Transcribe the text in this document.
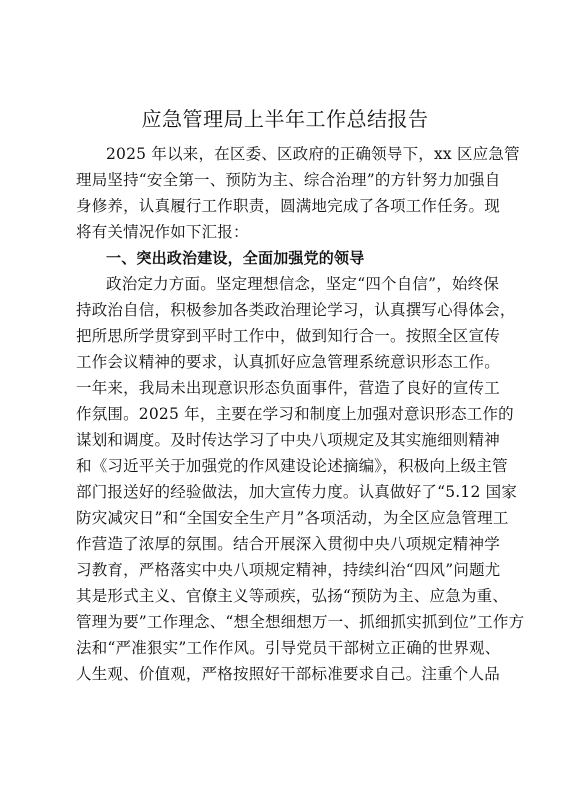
应急管理局上半年工作总结报告
2025 年以来，在区委、区政府的正确领导下，xx 区应急管
理局坚持“安全第一、预防为主、综合治理”的方针努力加强自
身修养，认真履行工作职责，圆满地完成了各项工作任务。现
将有关情况作如下汇报：
一、突出政治建设，全面加强党的领导
政治定力方面。坚定理想信念，坚定“四个自信”，始终保
持政治自信，积极参加各类政治理论学习，认真撰写心得体会，
把所思所学贯穿到平时工作中，做到知行合一。按照全区宣传
工作会议精神的要求，认真抓好应急管理系统意识形态工作。
一年来，我局未出现意识形态负面事件，营造了良好的宣传工
作氛围。2025 年，主要在学习和制度上加强对意识形态工作的
谋划和调度。及时传达学习了中央八项规定及其实施细则精神
和《习近平关于加强党的作风建设论述摘编》，积极向上级主管
部门报送好的经验做法，加大宣传力度。认真做好了“5.12 国家
防灾减灾日”和“全国安全生产月”各项活动，为全区应急管理工
作营造了浓厚的氛围。结合开展深入贯彻中央八项规定精神学
习教育，严格落实中央八项规定精神，持续纠治“四风”问题尤
其是形式主义、官僚主义等顽疾，弘扬“预防为主、应急为重、
管理为要”工作理念、“想全想细想万一、抓细抓实抓到位”工作方
法和“严准狠实”工作作风。引导党员干部树立正确的世界观、
人生观、价值观，严格按照好干部标准要求自己。注重个人品
